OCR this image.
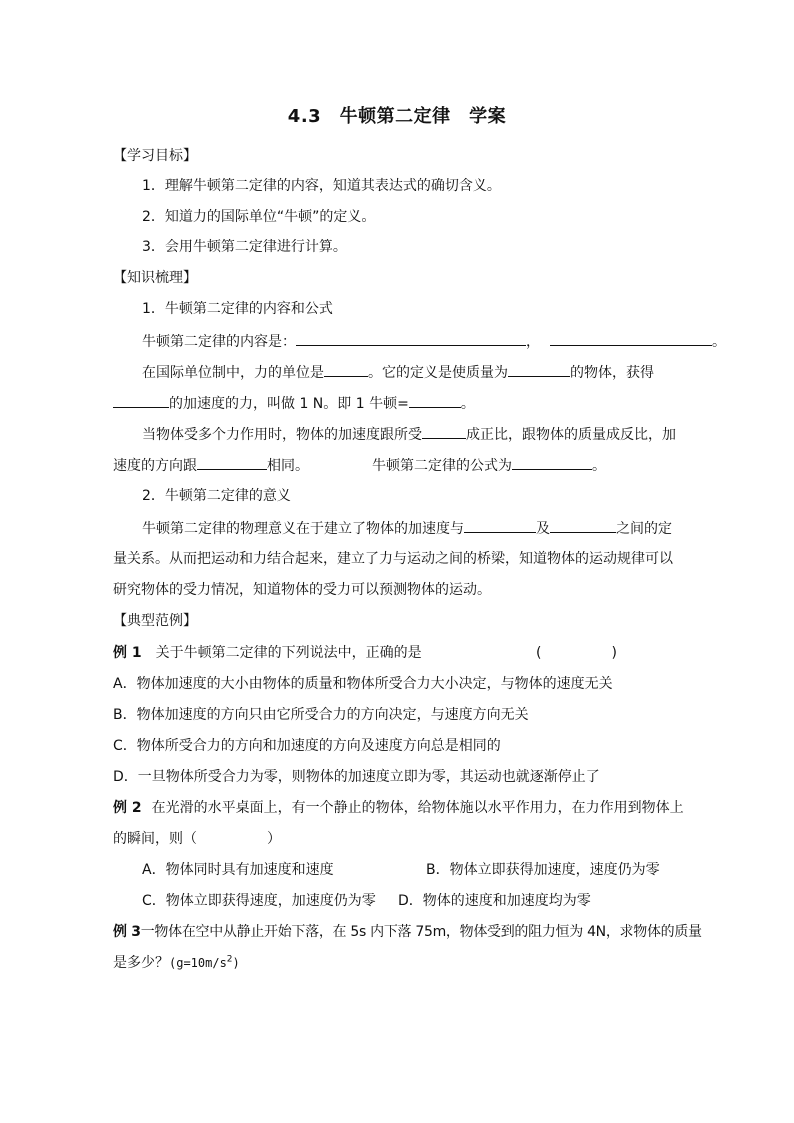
4.3　牛顿第二定律　学案
【学习目标】
1．理解牛顿第二定律的内容，知道其表达式的确切含义。
2．知道力的国际单位“牛顿”的定义。
3．会用牛顿第二定律进行计算。
【知识梳理】
1．牛顿第二定律的内容和公式
牛顿第二定律的内容是：	，	。
在国际单位制中，力的单位是	。它的定义是使质量为	的物体，获得
的加速度的力，叫做 1 N。即 1 牛顿=	。
当物体受多个力作用时，物体的加速度跟所受	成正比，跟物体的质量成反比，加
速度的方向跟	相同。	牛顿第二定律的公式为	。
2．牛顿第二定律的意义
牛顿第二定律的物理意义在于建立了物体的加速度与	及	之间的定
量关系。从而把运动和力结合起来，建立了力与运动之间的桥梁，知道物体的运动规律可以
研究物体的受力情况，知道物体的受力可以预测物体的运动。
【典型范例】
例 1 关于牛顿第二定律的下列说法中，正确的是	(　　　　　)
A．物体加速度的大小由物体的质量和物体所受合力大小决定，与物体的速度无关
B．物体加速度的方向只由它所受合力的方向决定，与速度方向无关
C．物体所受合力的方向和加速度的方向及速度方向总是相同的
D．一旦物体所受合力为零，则物体的加速度立即为零，其运动也就逐渐停止了
例 2 在光滑的水平桌面上，有一个静止的物体，给物体施以水平作用力，在力作用到物体上
的瞬间，则（　　　　　）
A．物体同时具有加速度和速度	B．物体立即获得加速度，速度仍为零
C．物体立即获得速度，加速度仍为零 D．物体的速度和加速度均为零
例 3一物体在空中从静止开始下落，在 5s 内下落 75m，物体受到的阻力恒为 4N，求物体的质量
是多少？$(g=10m/s^2)$
